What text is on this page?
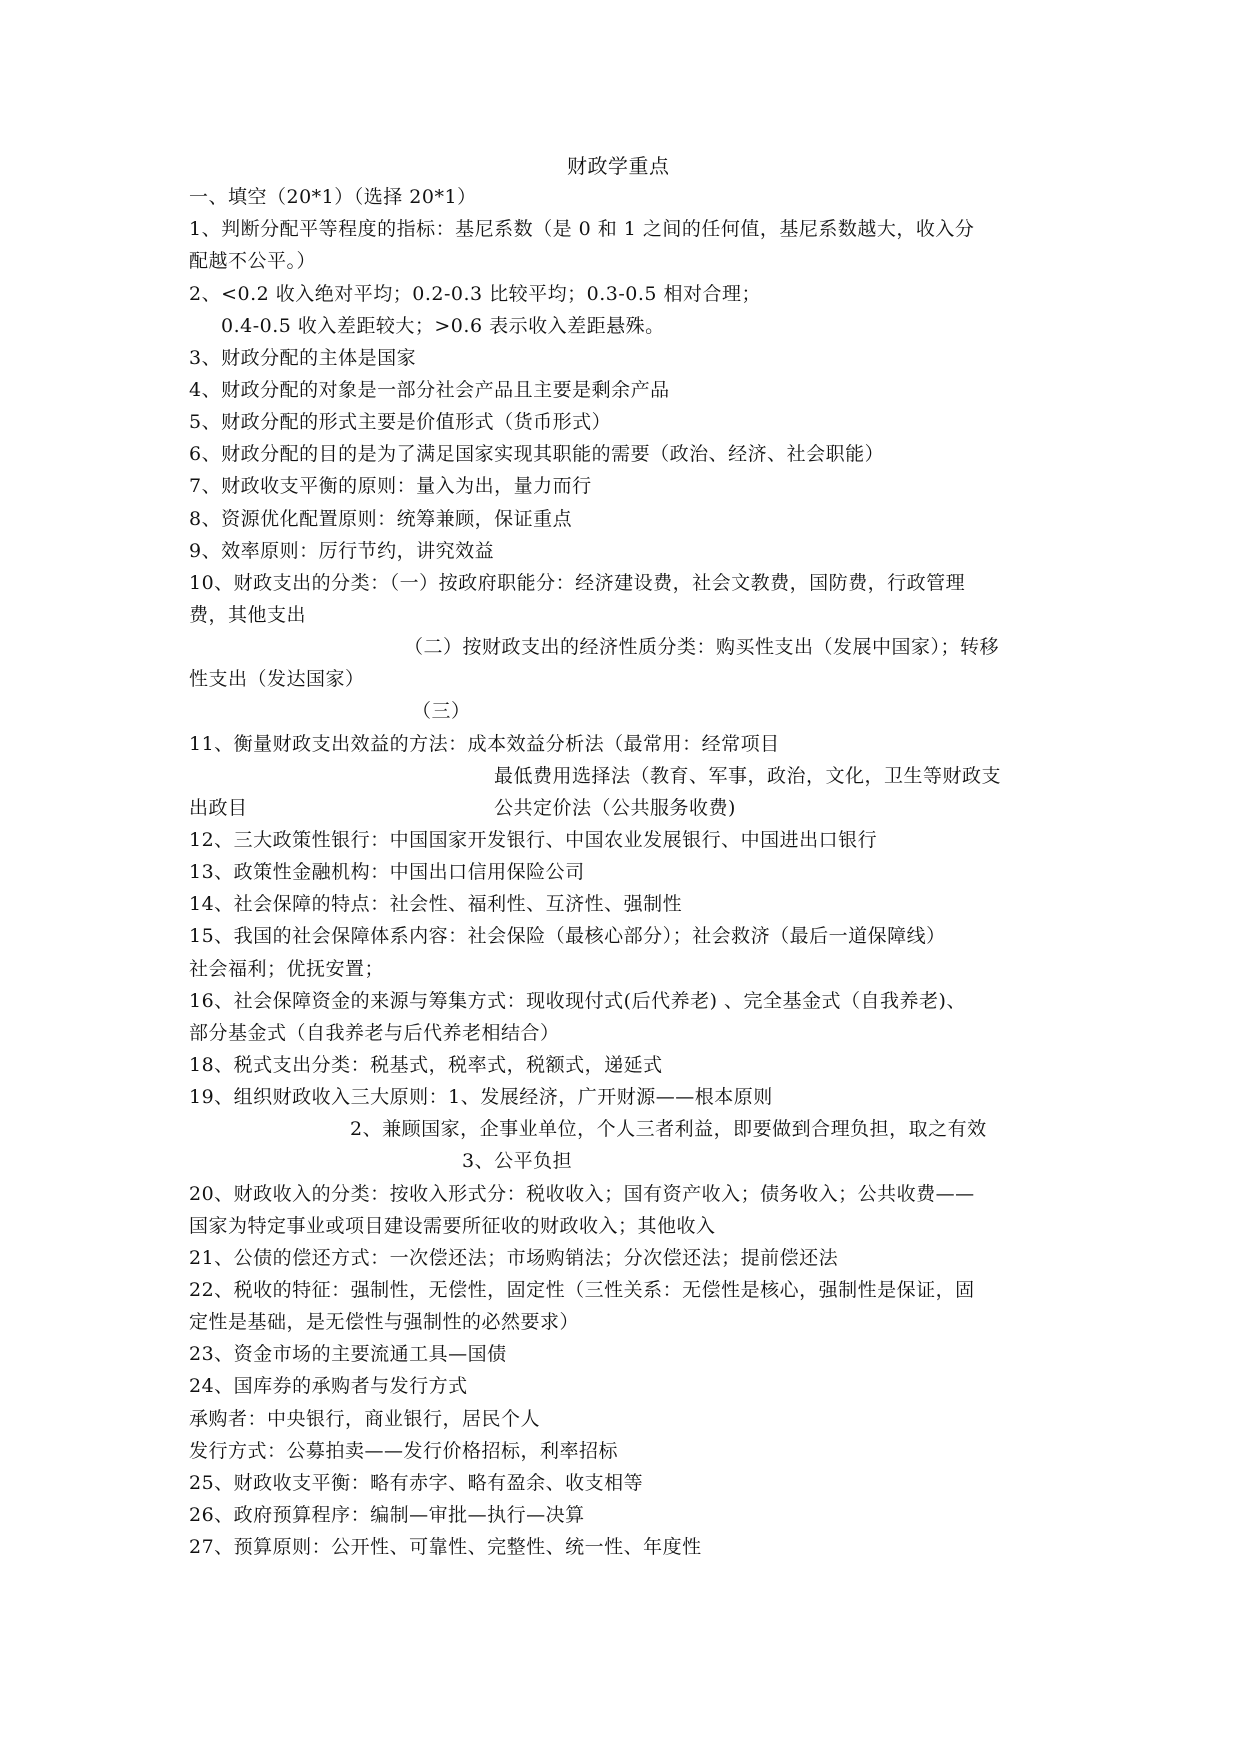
财政学重点
一、填空（20*1）（选择 20*1）
1、判断分配平等程度的指标：基尼系数（是 0 和 1 之间的任何值，基尼系数越大，收入分
配越不公平。）
2、<0.2 收入绝对平均；0.2-0.3 比较平均；0.3-0.5 相对合理；
0.4-0.5 收入差距较大；>0.6 表示收入差距悬殊。
3、财政分配的主体是国家
4、财政分配的对象是一部分社会产品且主要是剩余产品
5、财政分配的形式主要是价值形式（货币形式）
6、财政分配的目的是为了满足国家实现其职能的需要（政治、经济、社会职能）
7、财政收支平衡的原则：量入为出，量力而行
8、资源优化配置原则：统筹兼顾，保证重点
9、效率原则：厉行节约，讲究效益
10、财政支出的分类：（一）按政府职能分：经济建设费，社会文教费，国防费，行政管理
费，其他支出
（二）按财政支出的经济性质分类：购买性支出（发展中国家）；转移
性支出（发达国家）
（三）
11、衡量财政支出效益的方法：成本效益分析法（最常用：经常项目
最低费用选择法（教育、军事，政治，文化，卫生等财政支
出政目	公共定价法（公共服务收费)
12、三大政策性银行：中国国家开发银行、中国农业发展银行、中国进出口银行
13、政策性金融机构：中国出口信用保险公司
14、社会保障的特点：社会性、福利性、互济性、强制性
15、我国的社会保障体系内容：社会保险（最核心部分）；社会救济（最后一道保障线）
社会福利；优抚安置；
16、社会保障资金的来源与筹集方式：现收现付式(后代养老) 、完全基金式（自我养老)、
部分基金式（自我养老与后代养老相结合）
18、税式支出分类：税基式，税率式，税额式，递延式
19、组织财政收入三大原则：1、发展经济，广开财源——根本原则
2、兼顾国家，企事业单位，个人三者利益，即要做到合理负担，取之有效
3、公平负担
20、财政收入的分类：按收入形式分：税收收入；国有资产收入；债务收入；公共收费——
国家为特定事业或项目建设需要所征收的财政收入；其他收入
21、公债的偿还方式：一次偿还法；市场购销法；分次偿还法；提前偿还法
22、税收的特征：强制性，无偿性，固定性（三性关系：无偿性是核心，强制性是保证，固
定性是基础，是无偿性与强制性的必然要求）
23、资金市场的主要流通工具—国债
24、国库券的承购者与发行方式
承购者：中央银行，商业银行，居民个人
发行方式：公募拍卖——发行价格招标，利率招标
25、财政收支平衡：略有赤字、略有盈余、收支相等
26、政府预算程序：编制—审批—执行—决算
27、预算原则：公开性、可靠性、完整性、统一性、年度性
